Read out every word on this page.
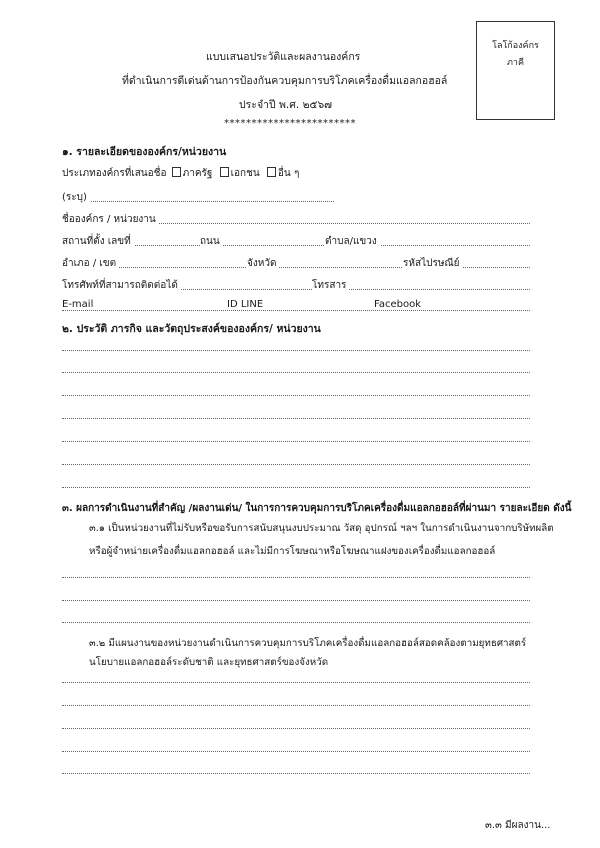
โลโก้องค์กร
ภาคี
แบบเสนอประวัติและผลงานองค์กร
ที่ดำเนินการดีเด่นด้านการป้องกันควบคุมการบริโภคเครื่องดื่มแอลกอฮอล์
ประจำปี พ.ศ. ๒๕๖๗
************************
๑. รายละเอียดขององค์กร/หน่วยงาน
ประเภทองค์กรที่เสนอชื่อ ภาครัฐ เอกชน อื่น ๆ
(ระบุ)
ชื่อองค์กร / หน่วยงาน
สถานที่ตั้ง เลขที่	ถนน	ตำบล/แขวง
อำเภอ / เขต	จังหวัด	รหัสไปรษณีย์
โทรศัพท์ที่สามารถติดต่อได้	โทรสาร
E-mail	ID LINE	Facebook
๒. ประวัติ ภารกิจ และวัตถุประสงค์ขององค์กร/ หน่วยงาน
๓. ผลการดำเนินงานที่สำคัญ /ผลงานเด่น/ ในการการควบคุมการบริโภคเครื่องดื่มแอลกอฮอล์ที่ผ่านมา รายละเอียด ดังนี้
๓.๑ เป็นหน่วยงานที่ไม่รับหรือขอรับการสนับสนุนงบประมาณ วัสดุ อุปกรณ์ ฯลฯ ในการดำเนินงานจากบริษัทผลิต
หรือผู้จำหน่ายเครื่องดื่มแอลกอฮอล์ และไม่มีการโฆษณาหรือโฆษณาแฝงของเครื่องดื่มแอลกอฮอล์
๓.๒ มีแผนงานของหน่วยงานดำเนินการควบคุมการบริโภคเครื่องดื่มแอลกอฮอล์สอดคล้องตามยุทธศาสตร์
นโยบายแอลกอฮอล์ระดับชาติ และยุทธศาสตร์ของจังหวัด
๓.๓ มีผลงาน...
